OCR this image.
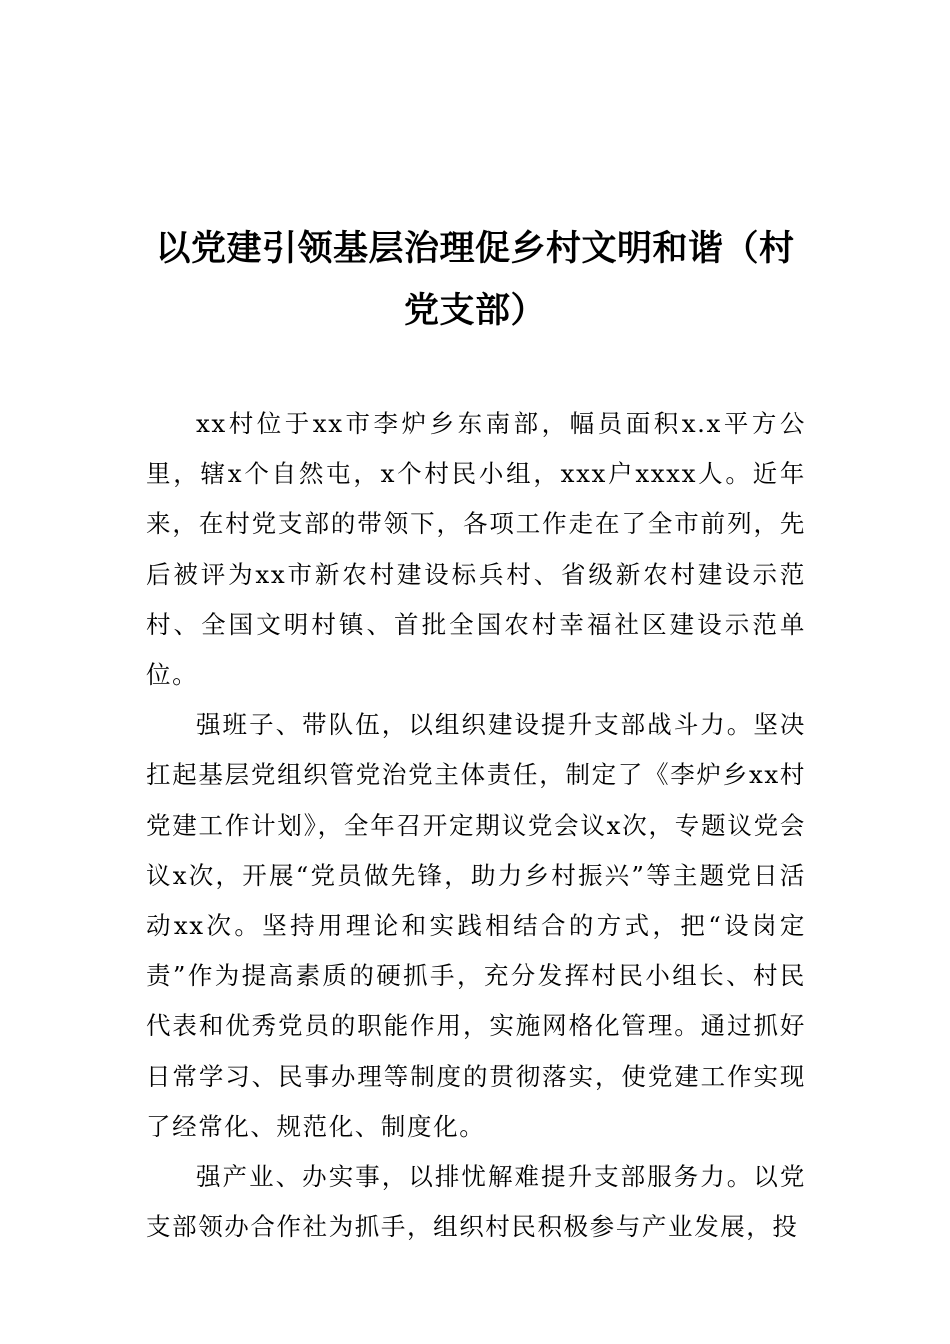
以党建引领基层治理促乡村文明和谐（村党支部）

xx村位于xx市李炉乡东南部，幅员面积x.x平方公里，辖x个自然屯，x个村民小组，xxx户xxxx人。近年来，在村党支部的带领下，各项工作走在了全市前列，先后被评为xx市新农村建设标兵村、省级新农村建设示范村、全国文明村镇、首批全国农村幸福社区建设示范单位。

强班子、带队伍，以组织建设提升支部战斗力。坚决扛起基层党组织管党治党主体责任，制定了《李炉乡xx村党建工作计划》，全年召开定期议党会议x次，专题议党会议x次，开展“党员做先锋，助力乡村振兴”等主题党日活动xx次。坚持用理论和实践相结合的方式，把“设岗定责”作为提高素质的硬抓手，充分发挥村民小组长、村民代表和优秀党员的职能作用，实施网格化管理。通过抓好日常学习、民事办理等制度的贯彻落实，使党建工作实现了经常化、规范化、制度化。

强产业、办实事，以排忧解难提升支部服务力。以党支部领办合作社为抓手，组织村民积极参与产业发展，投
